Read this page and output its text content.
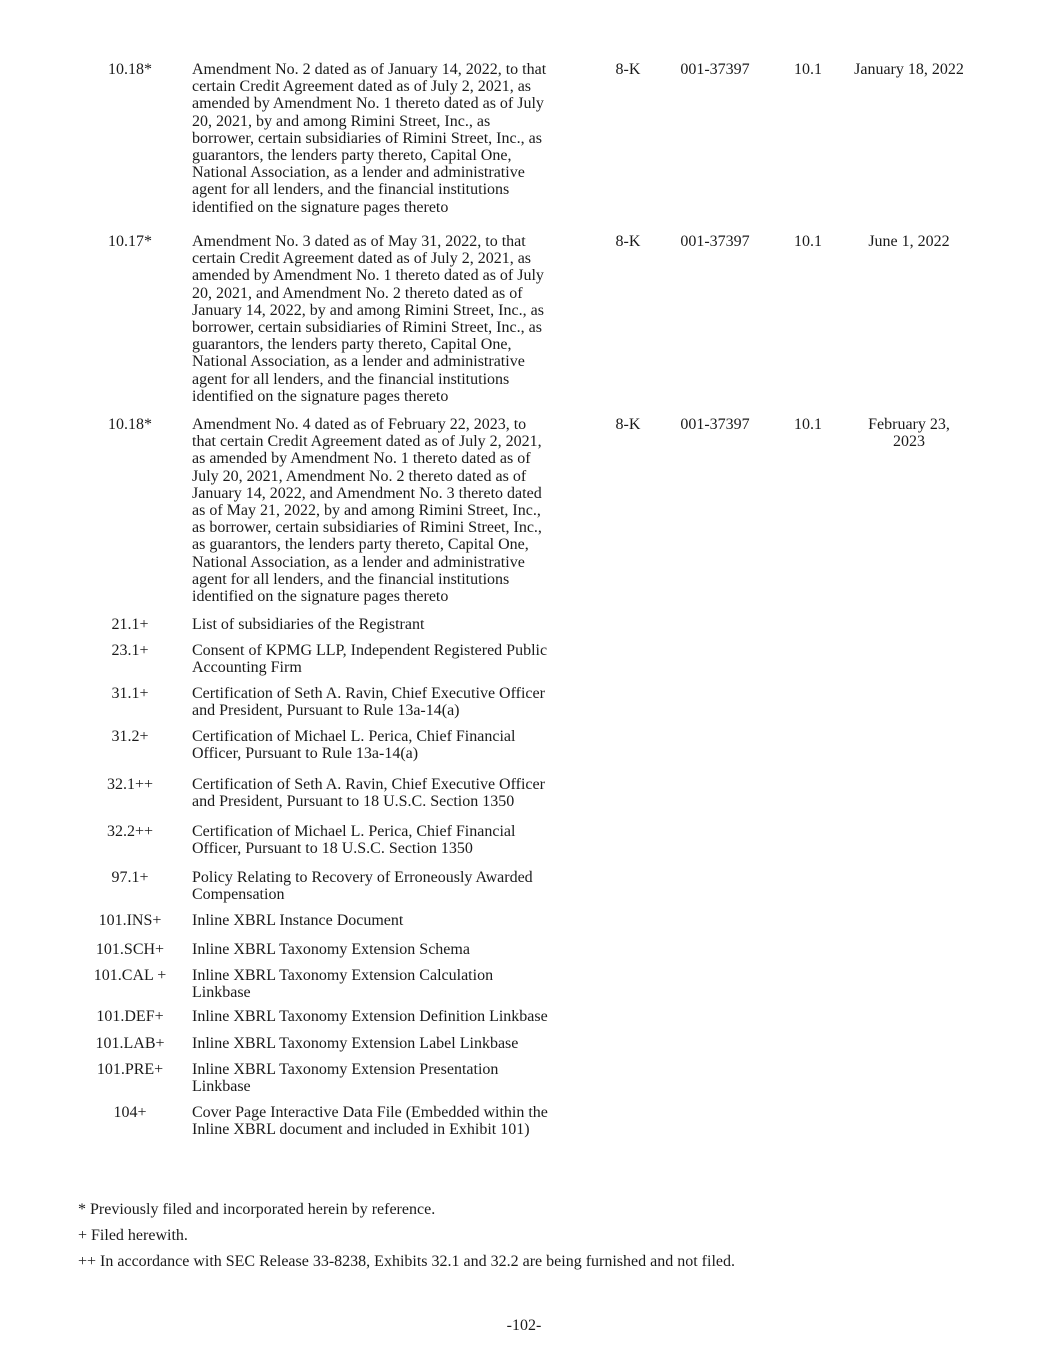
10.18*	Amendment No. 2 dated as of January 14, 2022, to that
certain Credit Agreement dated as of July 2, 2021, as
amended by Amendment No. 1 thereto dated as of July
20, 2021, by and among Rimini Street, Inc., as
borrower, certain subsidiaries of Rimini Street, Inc., as
guarantors, the lenders party thereto, Capital One,
National Association, as a lender and administrative
agent for all lenders, and the financial institutions
identified on the signature pages thereto
8-K	001-37397	10.1	January 18, 2022
10.17*	Amendment No. 3 dated as of May 31, 2022, to that
certain Credit Agreement dated as of July 2, 2021, as
amended by Amendment No. 1 thereto dated as of July
20, 2021, and Amendment No. 2 thereto dated as of
January 14, 2022, by and among Rimini Street, Inc., as
borrower, certain subsidiaries of Rimini Street, Inc., as
guarantors, the lenders party thereto, Capital One,
National Association, as a lender and administrative
agent for all lenders, and the financial institutions
identified on the signature pages thereto
8-K	001-37397	10.1	June 1, 2022
10.18*	Amendment No. 4 dated as of February 22, 2023, to
that certain Credit Agreement dated as of July 2, 2021,
as amended by Amendment No. 1 thereto dated as of
July 20, 2021, Amendment No. 2 thereto dated as of
January 14, 2022, and Amendment No. 3 thereto dated
as of May 21, 2022, by and among Rimini Street, Inc.,
as borrower, certain subsidiaries of Rimini Street, Inc.,
as guarantors, the lenders party thereto, Capital One,
National Association, as a lender and administrative
agent for all lenders, and the financial institutions
identified on the signature pages thereto
8-K	001-37397	10.1	February 23,
2023
21.1+	List of subsidiaries of the Registrant
23.1+	Consent of KPMG LLP, Independent Registered Public
Accounting Firm
31.1+	Certification of Seth A. Ravin, Chief Executive Officer
and President, Pursuant to Rule 13a-14(a)
31.2+	Certification of Michael L. Perica, Chief Financial
Officer, Pursuant to Rule 13a-14(a)
32.1++	Certification of Seth A. Ravin, Chief Executive Officer
and President, Pursuant to 18 U.S.C. Section 1350
32.2++	Certification of Michael L. Perica, Chief Financial
Officer, Pursuant to 18 U.S.C. Section 1350
97.1+	Policy Relating to Recovery of Erroneously Awarded
Compensation
101.INS+	Inline XBRL Instance Document
101.SCH+	Inline XBRL Taxonomy Extension Schema
101.CAL +	Inline XBRL Taxonomy Extension Calculation
Linkbase
101.DEF+	Inline XBRL Taxonomy Extension Definition Linkbase
101.LAB+	Inline XBRL Taxonomy Extension Label Linkbase
101.PRE+	Inline XBRL Taxonomy Extension Presentation
Linkbase
104+	Cover Page Interactive Data File (Embedded within the
Inline XBRL document and included in Exhibit 101)
* Previously filed and incorporated herein by reference.
+ Filed herewith.
++ In accordance with SEC Release 33-8238, Exhibits 32.1 and 32.2 are being furnished and not filed.
-102-
